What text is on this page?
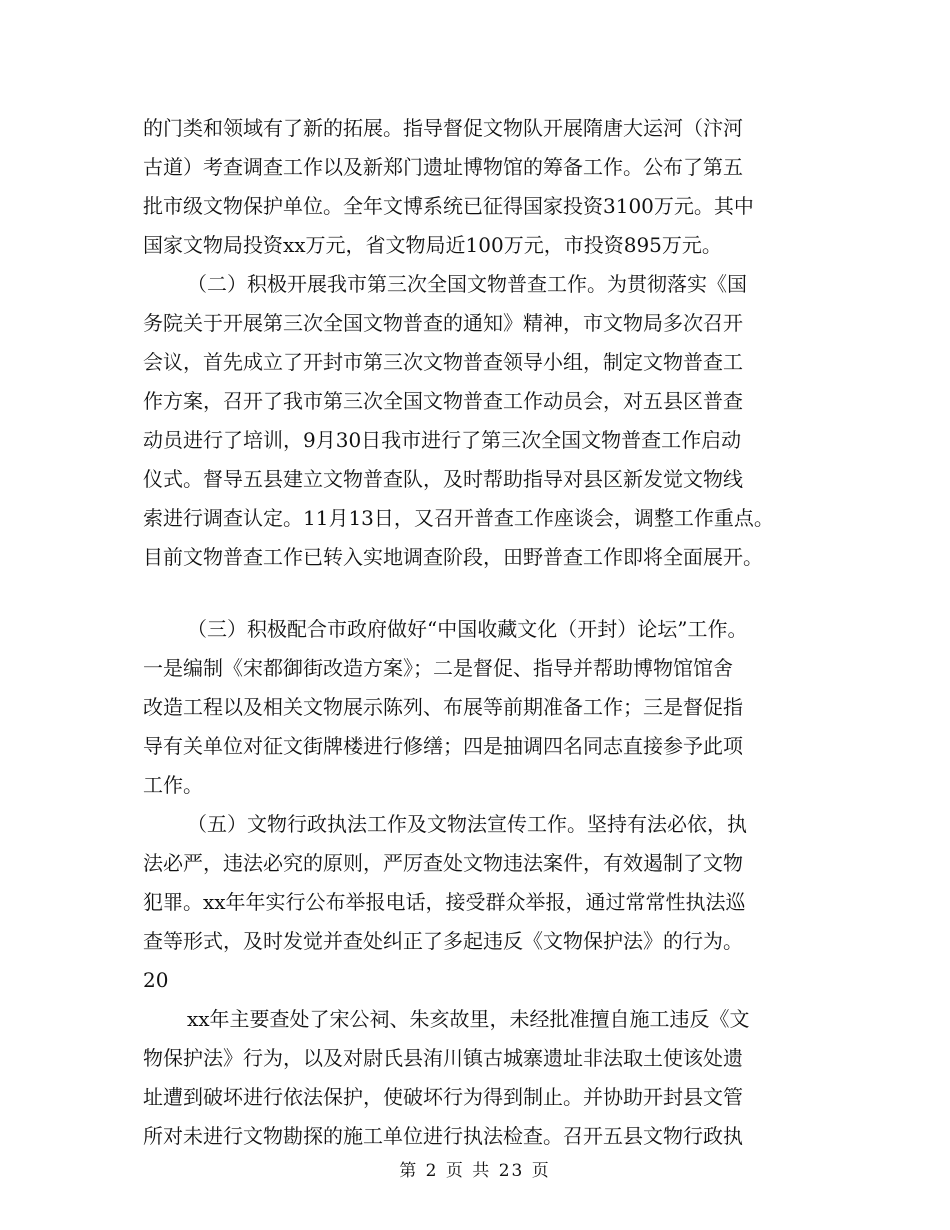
的门类和领域有了新的拓展。指导督促文物队开展隋唐大运河（汴河
古道）考查调查工作以及新郑门遗址博物馆的筹备工作。公布了第五
批市级文物保护单位。全年文博系统已征得国家投资3100万元。其中
国家文物局投资xx万元，省文物局近100万元，市投资895万元。
（二）积极开展我市第三次全国文物普查工作。为贯彻落实《国
务院关于开展第三次全国文物普查的通知》精神，市文物局多次召开
会议，首先成立了开封市第三次文物普查领导小组，制定文物普查工
作方案，召开了我市第三次全国文物普查工作动员会，对五县区普查
动员进行了培训，9月30日我市进行了第三次全国文物普查工作启动
仪式。督导五县建立文物普查队，及时帮助指导对县区新发觉文物线
索进行调查认定。11月13日，又召开普查工作座谈会，调整工作重点。
目前文物普查工作已转入实地调查阶段，田野普查工作即将全面展开。
（三）积极配合市政府做好“中国收藏文化（开封）论坛”工作。
一是编制《宋都御街改造方案》；二是督促、指导并帮助博物馆馆舍
改造工程以及相关文物展示陈列、布展等前期准备工作；三是督促指
导有关单位对征文街牌楼进行修缮；四是抽调四名同志直接参予此项
工作。
（五）文物行政执法工作及文物法宣传工作。坚持有法必依，执
法必严，违法必究的原则，严厉查处文物违法案件，有效遏制了文物
犯罪。xx年年实行公布举报电话，接受群众举报，通过常常性执法巡
查等形式，及时发觉并查处纠正了多起违反《文物保护法》的行为。
20
xx年主要查处了宋公祠、朱亥故里，未经批准擅自施工违反《文
物保护法》行为，以及对尉氏县洧川镇古城寨遗址非法取土使该处遗
址遭到破坏进行依法保护，使破坏行为得到制止。并协助开封县文管
所对未进行文物勘探的施工单位进行执法检查。召开五县文物行政执
第 2 页 共 23 页
